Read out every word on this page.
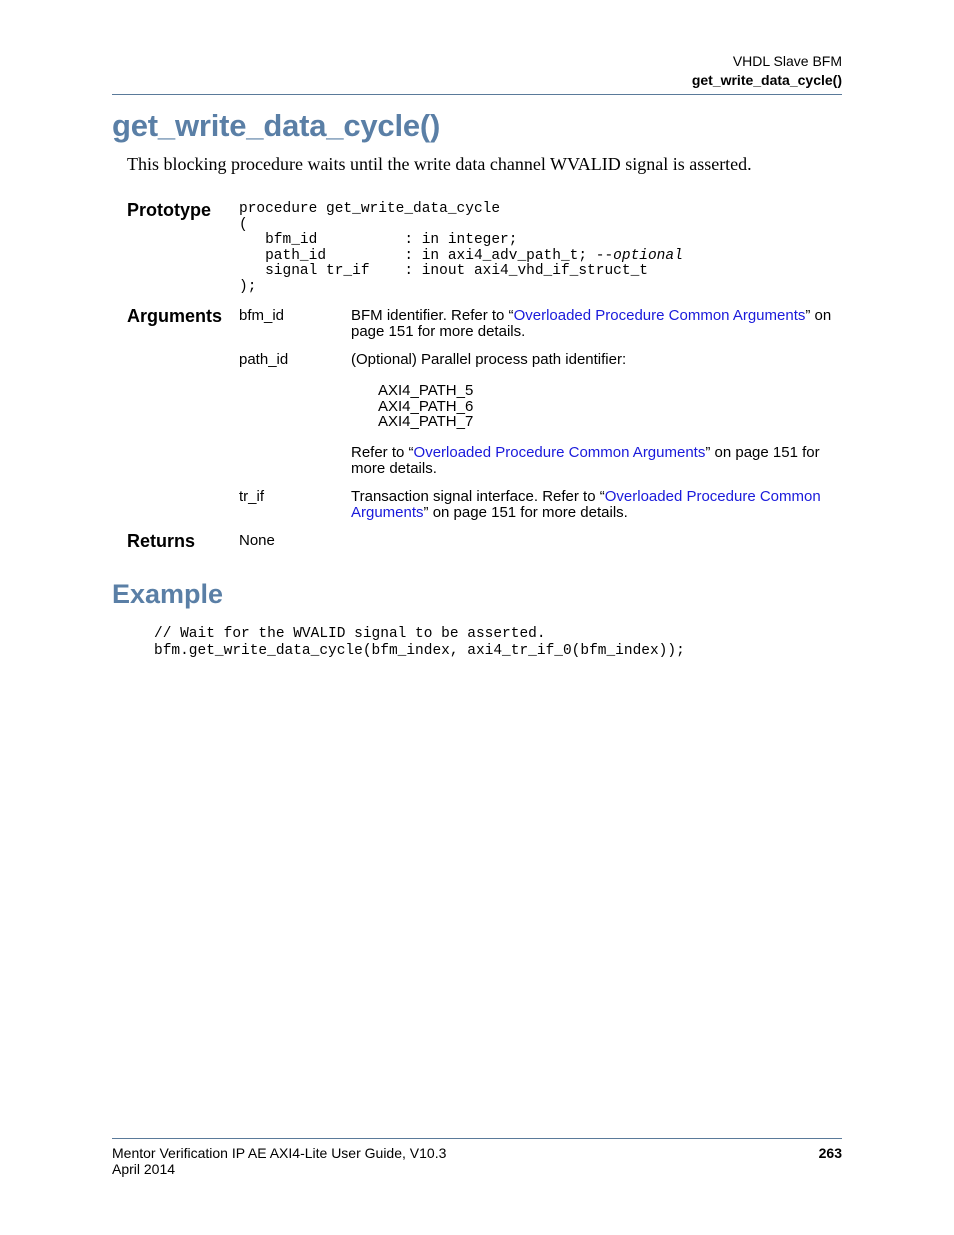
VHDL Slave BFM
get_write_data_cycle()
get_write_data_cycle()
This blocking procedure waits until the write data channel WVALID signal is asserted.
Prototype procedure get_write_data_cycle
(
bfm_id          : in integer;
path_id         : in axi4_adv_path_t; --optional
signal tr_if    : inout axi4_vhd_if_struct_t
);
Arguments bfm_id	BFM identifier. Refer to “Overloaded Procedure Common Arguments” on page 151 for more details.
path_id	(Optional) Parallel process path identifier:
AXI4_PATH_5
AXI4_PATH_6
AXI4_PATH_7
Refer to “Overloaded Procedure Common Arguments” on page 151 for more details.
tr_if	Transaction signal interface. Refer to “Overloaded Procedure Common Arguments” on page 151 for more details.
Returns	None
Example
// Wait for the WVALID signal to be asserted.
bfm.get_write_data_cycle(bfm_index, axi4_tr_if_0(bfm_index));
Mentor Verification IP AE AXI4-Lite User Guide, V10.3
April 2014
263
